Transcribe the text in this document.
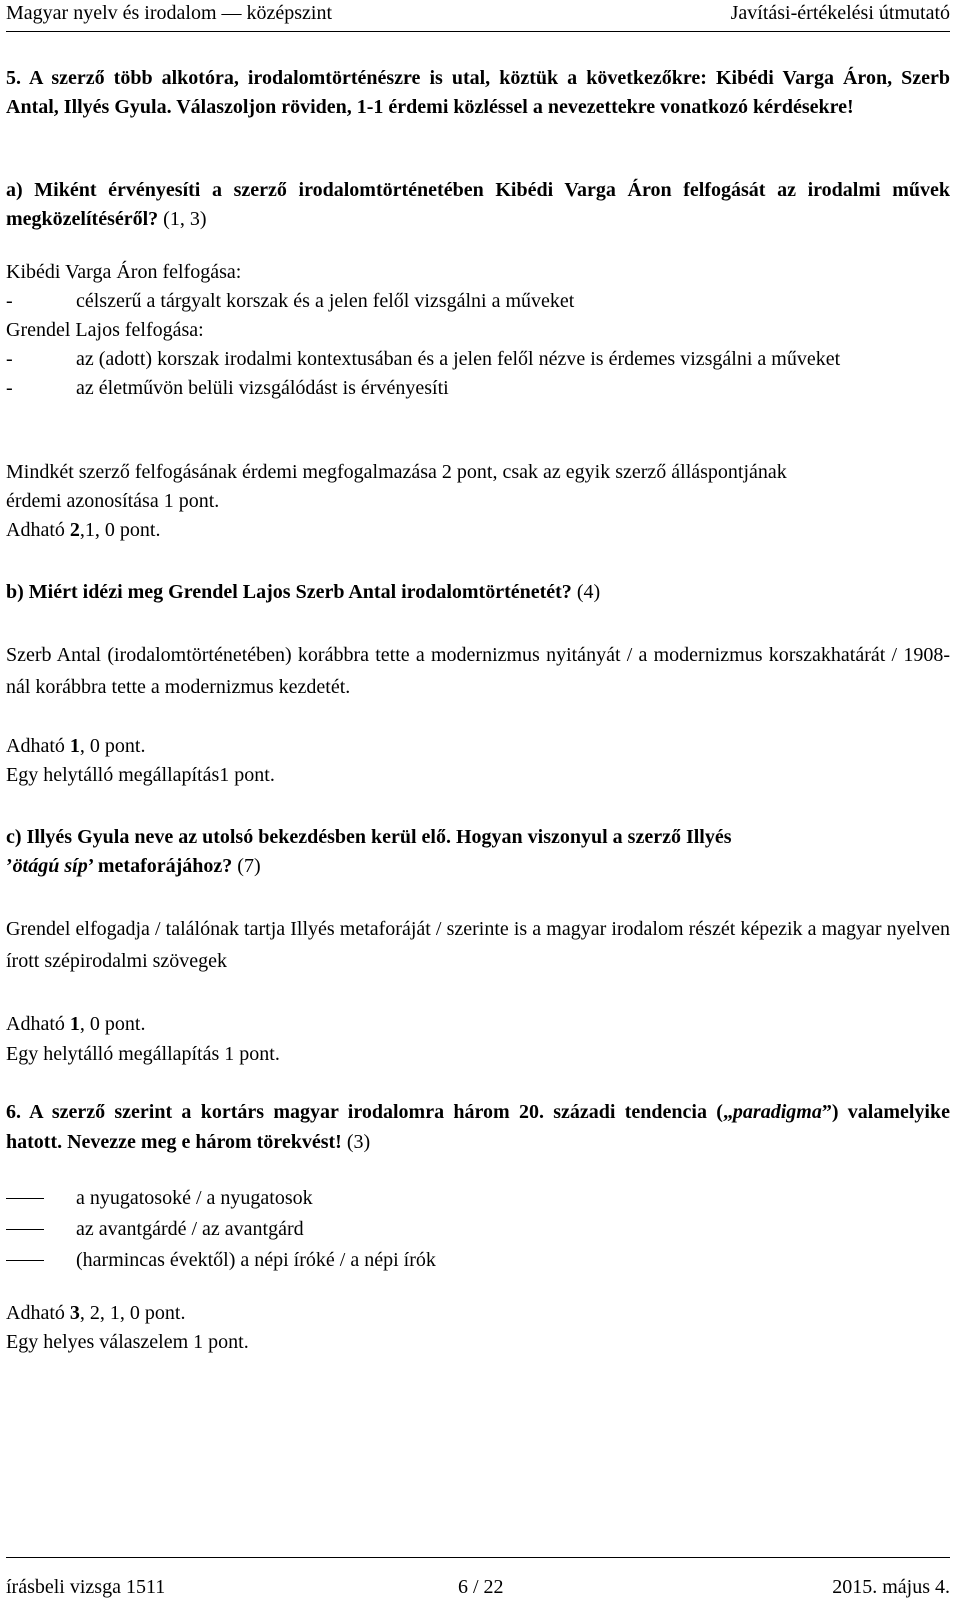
Magyar nyelv és irodalom — középszint	Javítási-értékelési útmutató
5. A szerző több alkotóra, irodalomtörténészre is utal, köztük a következőkre: Kibédi Varga Áron, Szerb Antal, Illyés Gyula. Válaszoljon röviden, 1-1 érdemi közléssel a nevezettekre vonatkozó kérdésekre!
a) Miként érvényesíti a szerző irodalomtörténetében Kibédi Varga Áron felfogását az irodalmi művek megközelítéséről? (1, 3)
Kibédi Varga Áron felfogása:
-	célszerű a tárgyalt korszak és a jelen felől vizsgálni a műveket
Grendel Lajos felfogása:
-	az (adott) korszak irodalmi kontextusában és a jelen felől nézve is érdemes vizsgálni a műveket
-	az életművön belüli vizsgálódást is érvényesíti
Mindkét szerző felfogásának érdemi megfogalmazása 2 pont, csak az egyik szerző álláspontjának érdemi azonosítása 1 pont.
Adható 2,1, 0 pont.
b) Miért idézi meg Grendel Lajos Szerb Antal irodalomtörténetét? (4)
Szerb Antal (irodalomtörténetében) korábbra tette a modernizmus nyitányát / a modernizmus korszakhatárát / 1908-nál korábbra tette a modernizmus kezdetét.
Adható 1, 0 pont.
Egy helytálló megállapítás1 pont.
c) Illyés Gyula neve az utolsó bekezdésben kerül elő. Hogyan viszonyul a szerző Illyés
’ötágú síp’ metaforájához? (7)
Grendel elfogadja / találónak tartja Illyés metaforáját / szerinte is a magyar irodalom részét képezik a magyar nyelven írott szépirodalmi szövegek
Adható 1, 0 pont.
Egy helytálló megállapítás 1 pont.
6. A szerző szerint a kortárs magyar irodalomra három 20. századi tendencia („paradigma”) valamelyike hatott. Nevezze meg e három törekvést! (3)
a nyugatosoké / a nyugatosok
az avantgárdé / az avantgárd
(harmincas évektől) a népi íróké / a népi írók
Adható 3, 2, 1, 0 pont.
Egy helyes válaszelem 1 pont.
írásbeli vizsga 1511	6 / 22	2015. május 4.
